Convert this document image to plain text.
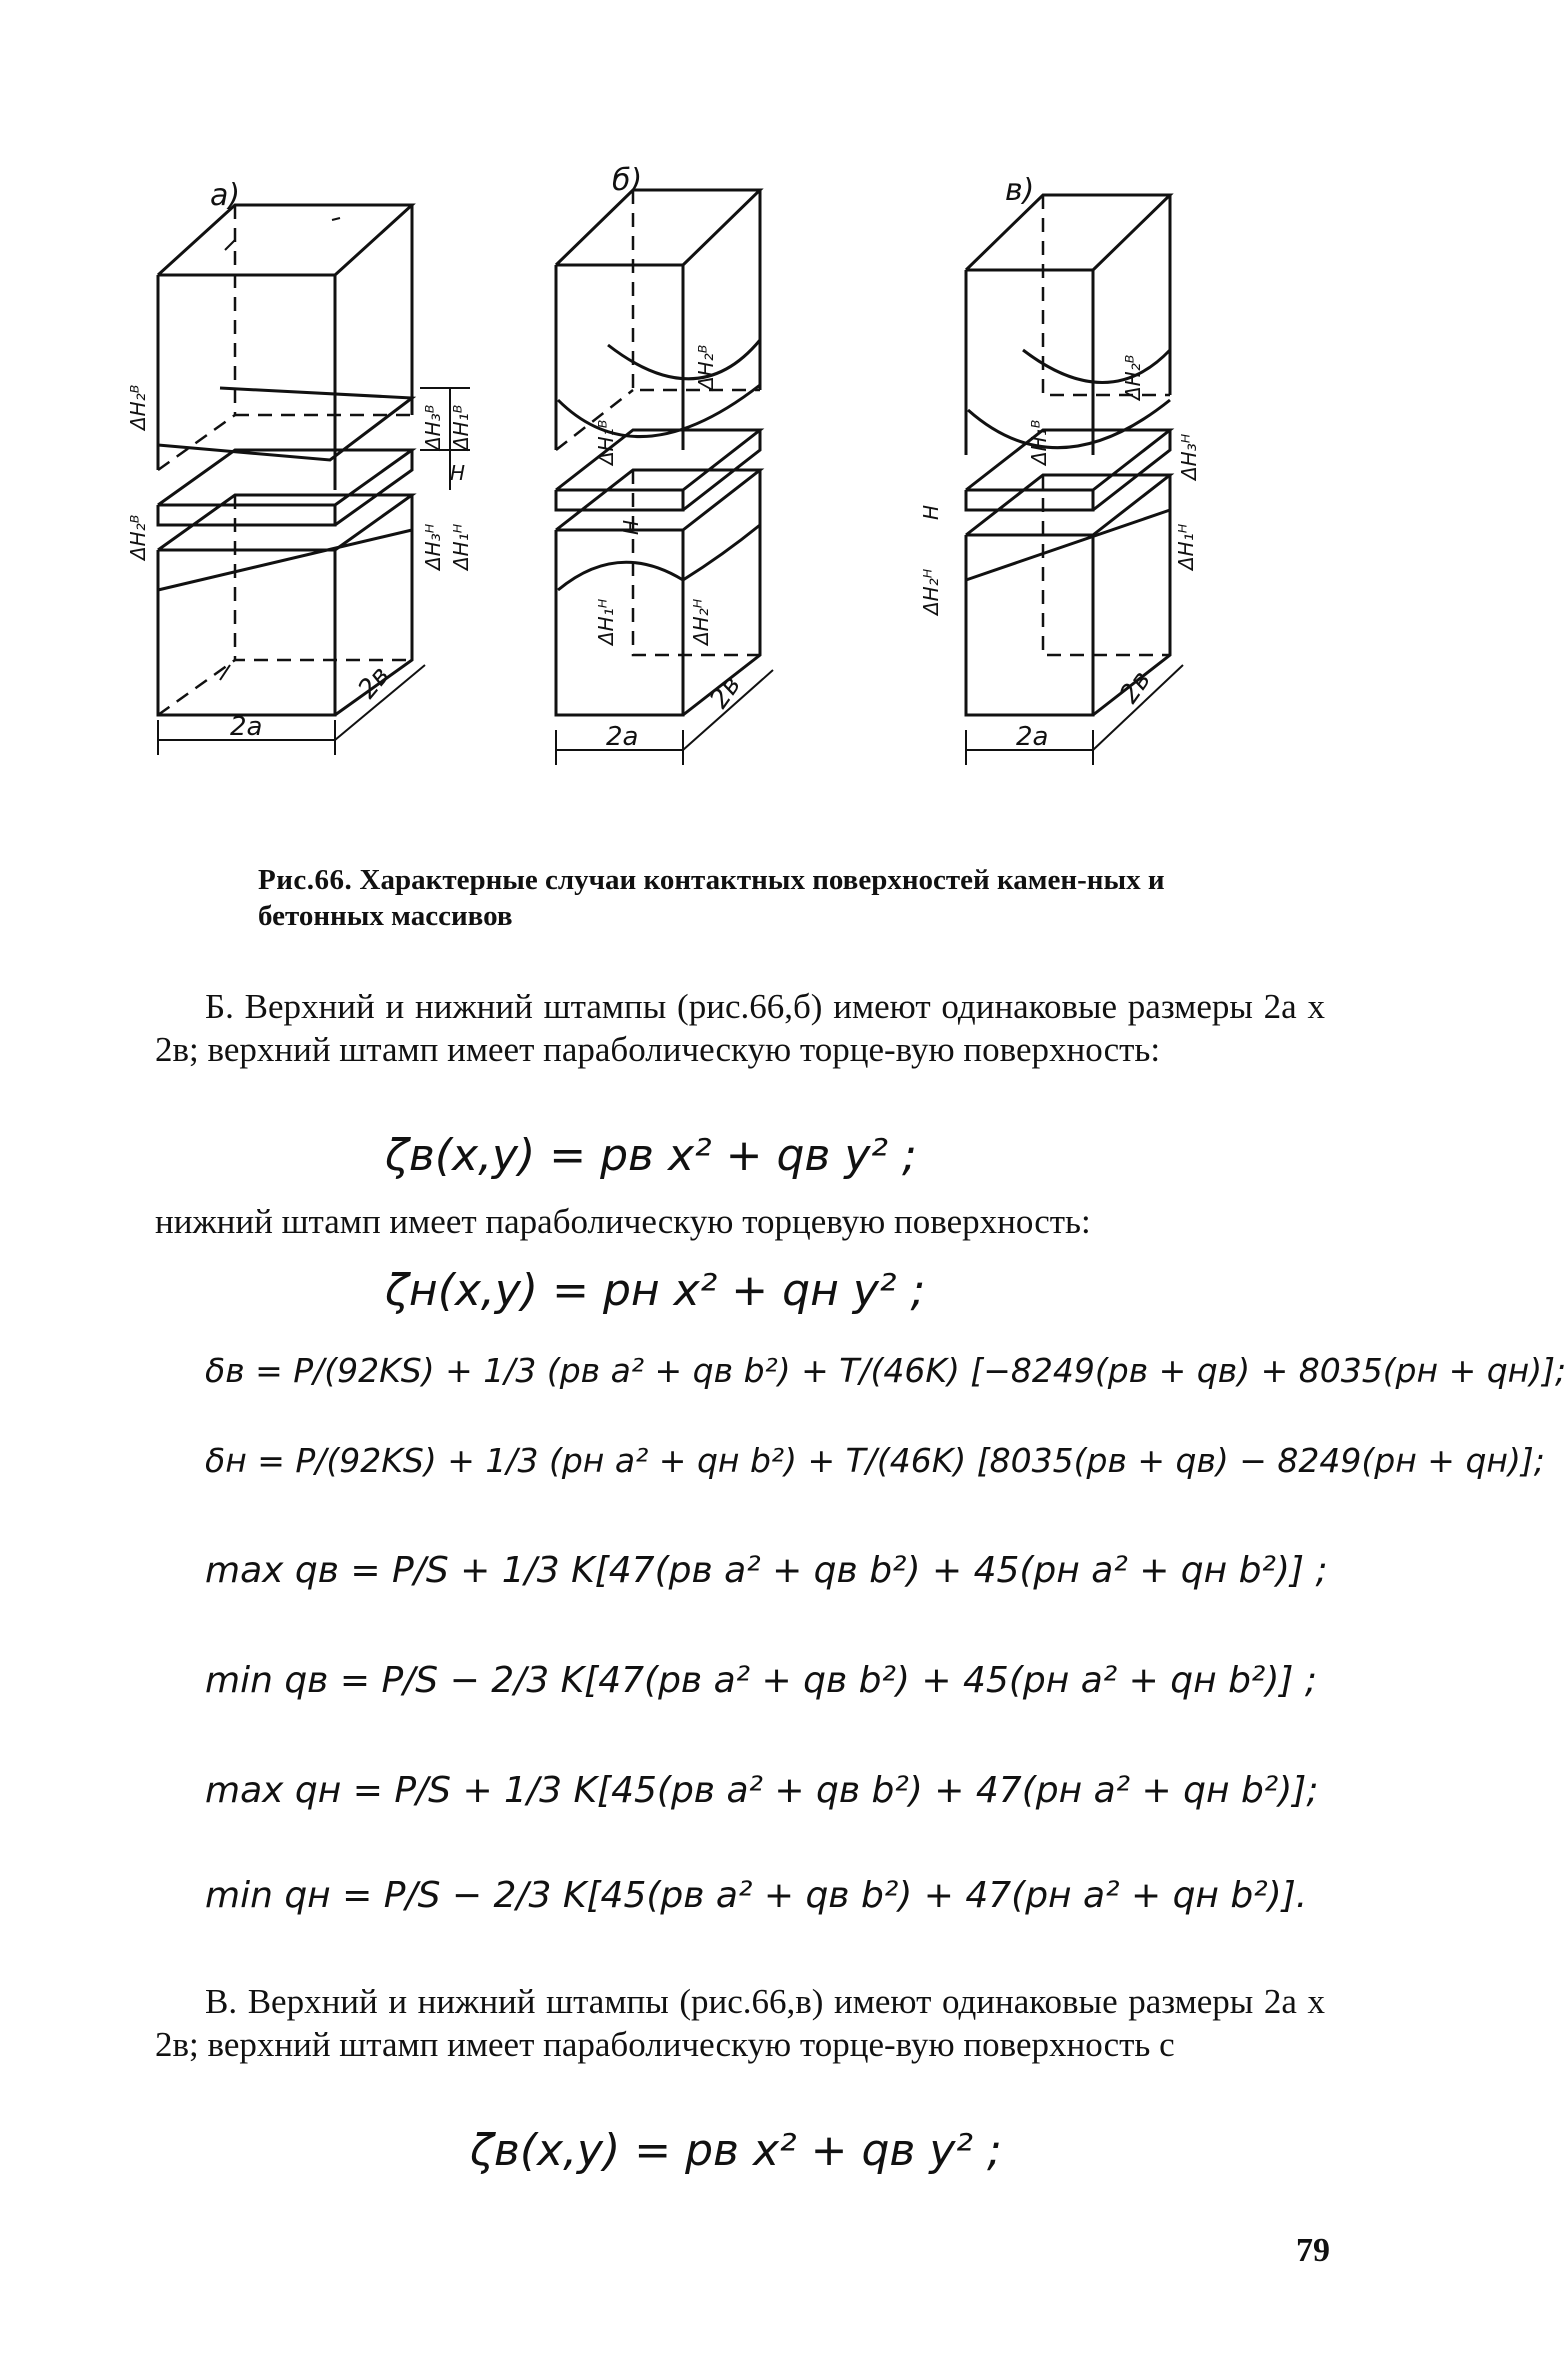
а)	б)	в)
2a
2в
ΔH₃ᴮ ΔH₁ᴮ
H
ΔH₃ᴴ ΔH₁ᴴ
ΔH₂ᴮ
ΔH₂ᴮ
2a
2в
ΔH₂ᴮ
ΔH₁ᴮ
H
ΔH₁ᴴ	ΔH₂ᴴ
2a
2в
ΔH₂ᴮ
ΔH₁ᴮ	ΔH₃ᴴ
H
ΔH₁ᴴ
ΔH₂ᴴ
Рис.66. Характерные случаи контактных поверхностей камен-ных и бетонных массивов

Б. Верхний и нижний штампы (рис.66,б) имеют одинаковые размеры 2а x 2в; верхний штамп имеет параболическую торце-вую поверхность:

ζв(x,y) = pв x² + qв y² ;

нижний штамп имеет параболическую торцевую поверхность:

ζн(x,y) = pн x² + qн y² ;
δв = P/(92KS) + 1/3 (pв a² + qв b²) + T/(46K) [−8249(pв + qв) + 8035(pн + qн)];
δн = P/(92KS) + 1/3 (pн a² + qн b²) + T/(46K) [8035(pв + qв) − 8249(pн + qн)];
max qв = P/S + 1/3 K[47(pв a² + qв b²) + 45(pн a² + qн b²)] ;
min qв = P/S − 2/3 K[47(pв a² + qв b²) + 45(pн a² + qн b²)] ;
max qн = P/S + 1/3 K[45(pв a² + qв b²) + 47(pн a² + qн b²)];
min qн = P/S − 2/3 K[45(pв a² + qв b²) + 47(pн a² + qн b²)].

В. Верхний и нижний штампы (рис.66,в) имеют одинаковые размеры 2а x 2в; верхний штамп имеет параболическую торце-вую поверхность с

ζв(x,y) = pв x² + qв y² ;
79
